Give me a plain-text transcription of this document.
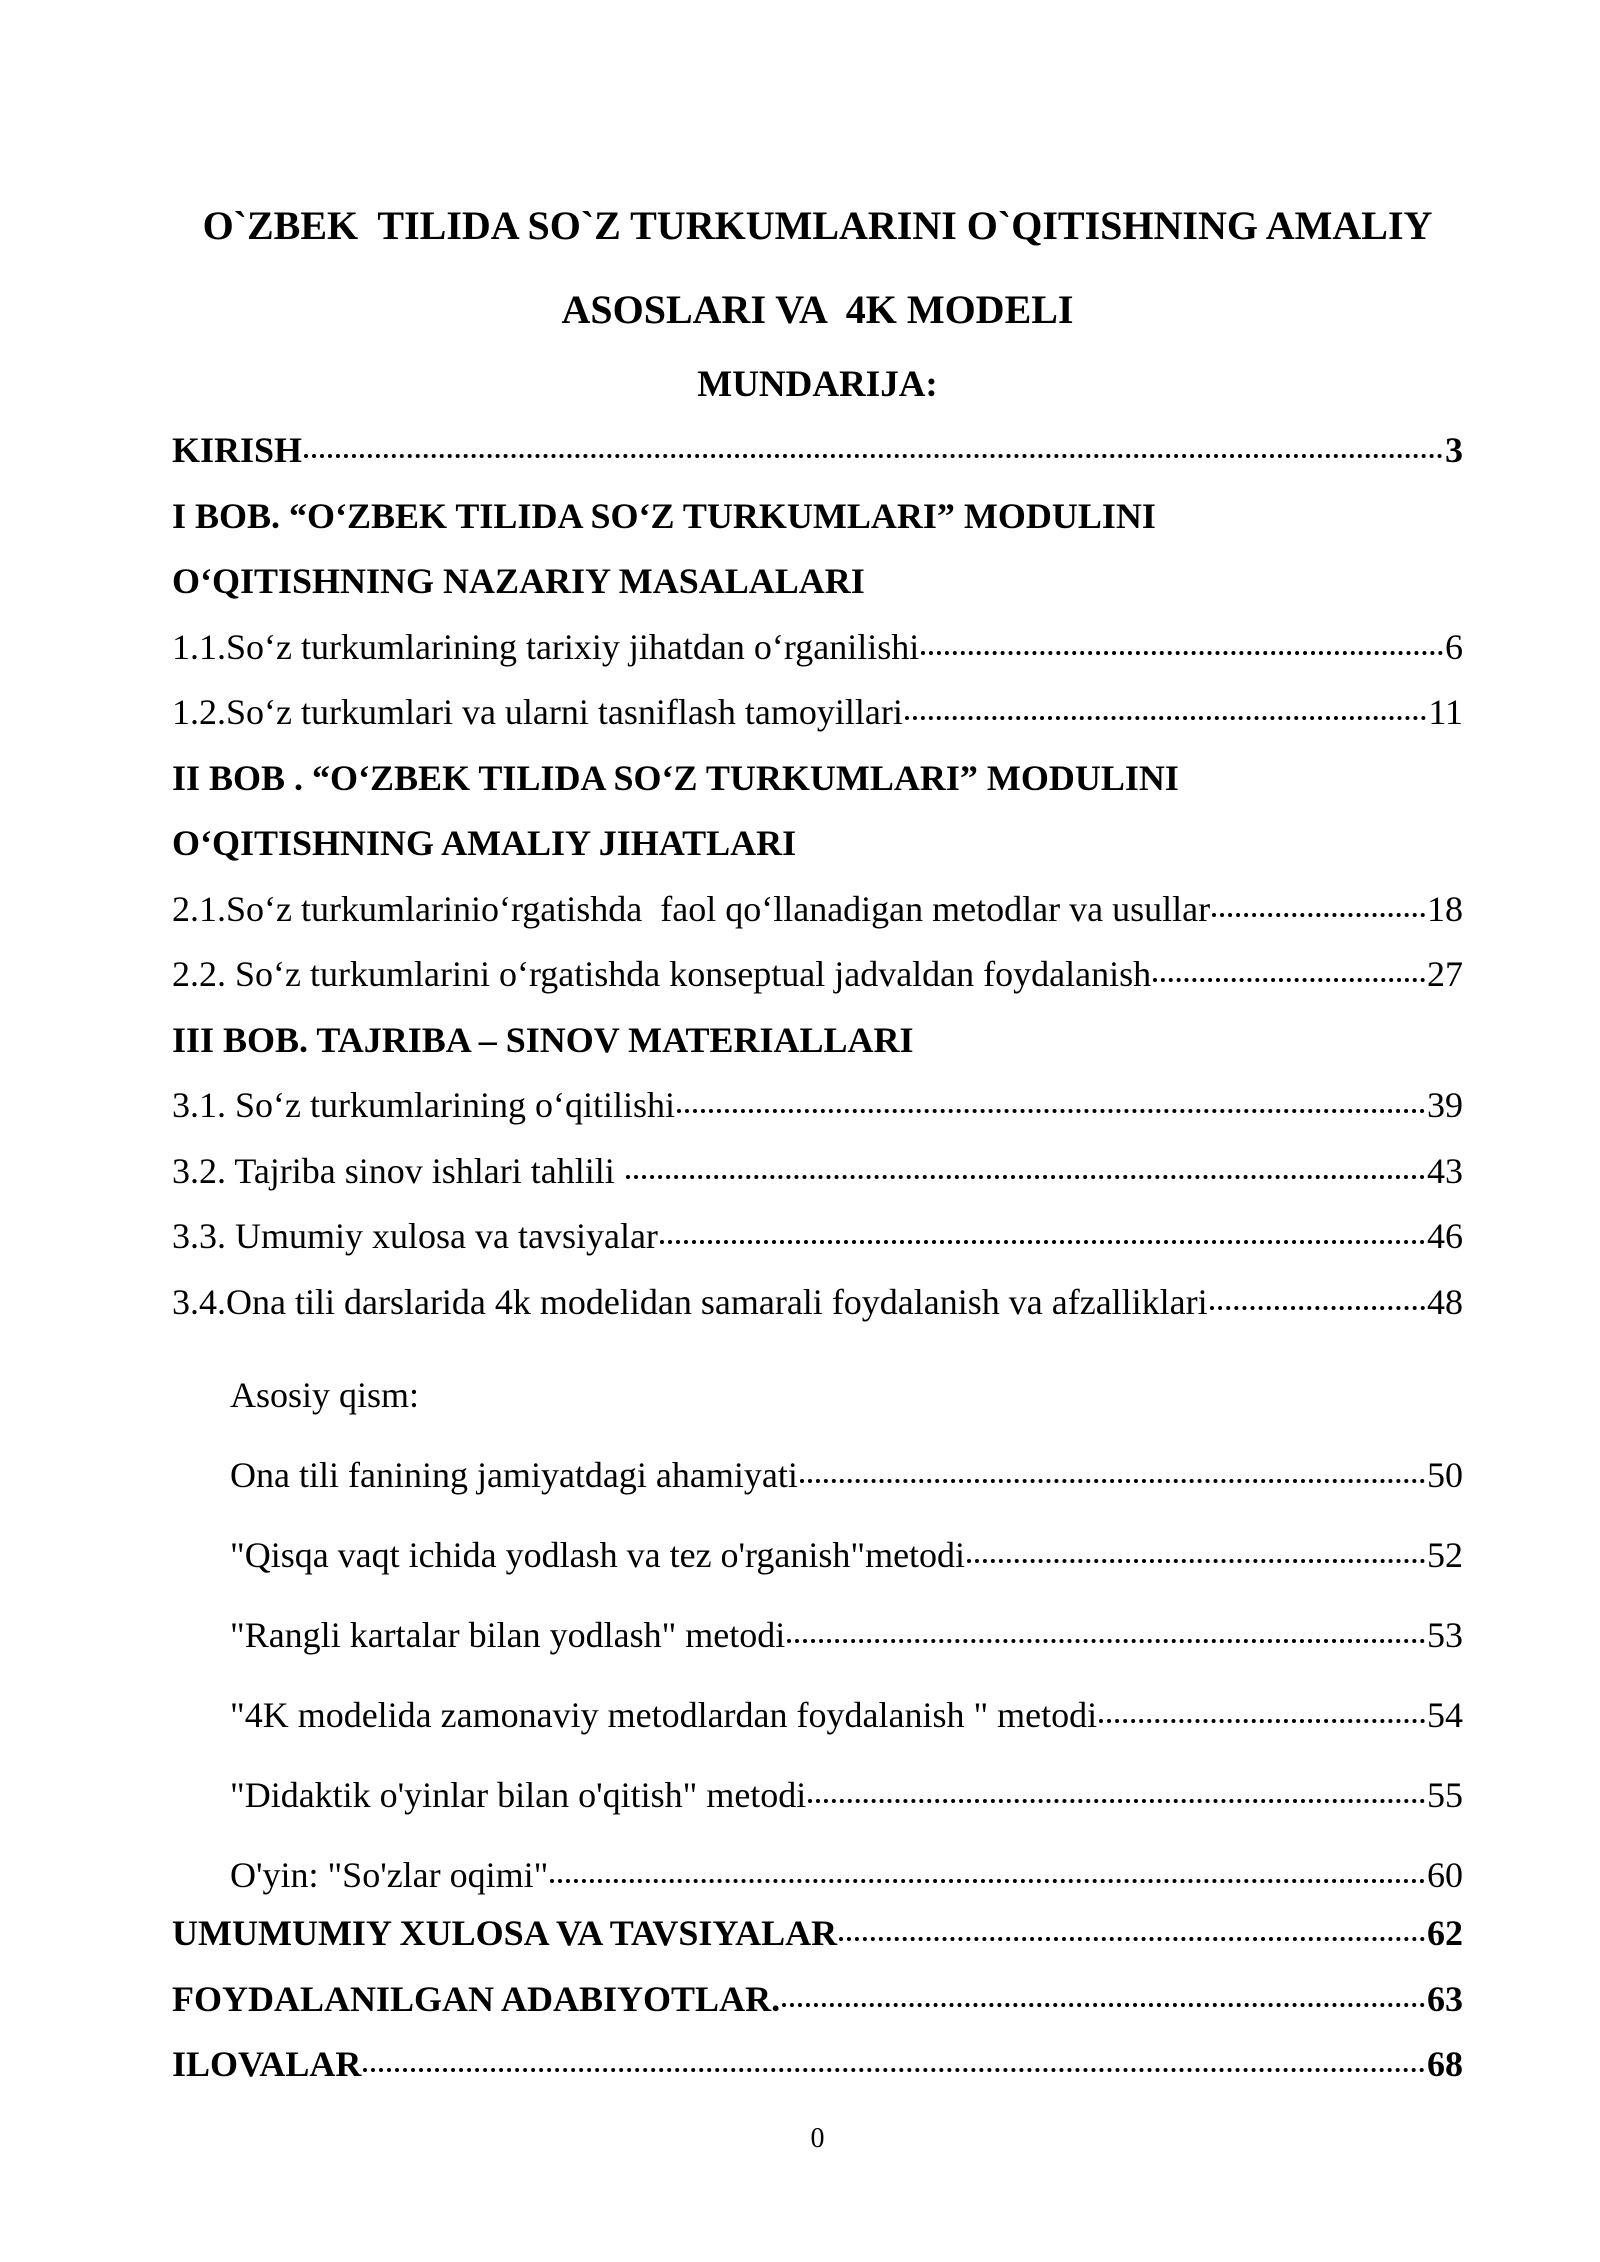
O`ZBEK  TILIDA SO`Z TURKUMLARINI O`QITISHNING AMALIY
ASOSLARI VA  4K MODELI
MUNDARIJA:
KIRISH	3
I BOB. “O‘ZBEK TILIDA SO‘Z TURKUMLARI” MODULINI
O‘QITISHNING NAZARIY MASALALARI
1.1.So‘z turkumlarining tarixiy jihatdan o‘rganilishi	6
1.2.So‘z turkumlari va ularni tasniflash tamoyillari	11
II BOB . “O‘ZBEK TILIDA SO‘Z TURKUMLARI” MODULINI
O‘QITISHNING AMALIY JIHATLARI
2.1.So‘z turkumlarinio‘rgatishda  faol qo‘llanadigan metodlar va usullar	18
2.2. So‘z turkumlarini o‘rgatishda konseptual jadvaldan foydalanish	27
III BOB. TAJRIBA – SINOV MATERIALLARI
3.1. So‘z turkumlarining o‘qitilishi	39
3.2. Tajriba sinov ishlari tahlili	43
3.3. Umumiy xulosa va tavsiyalar	46
3.4.Ona tili darslarida 4k modelidan samarali foydalanish va afzalliklari	48
Asosiy qism:
Ona tili fanining jamiyatdagi ahamiyati	50
"Qisqa vaqt ichida yodlash va tez o'rganish"metodi	52
"Rangli kartalar bilan yodlash" metodi	53
"4K modelida zamonaviy metodlardan foydalanish " metodi	54
"Didaktik o'yinlar bilan o'qitish" metodi	55
O'yin: "So'zlar oqimi"	60
UMUMUMIY XULOSA VA TAVSIYALAR	62
FOYDALANILGAN ADABIYOTLAR.	63
ILOVALAR	68
0
